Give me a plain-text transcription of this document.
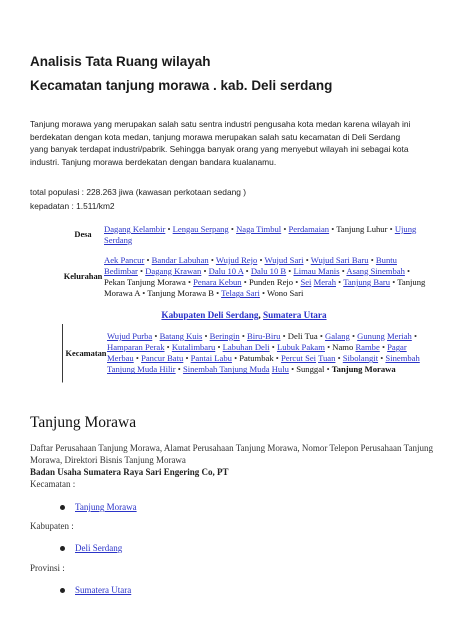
Analisis Tata Ruang wilayah
Kecamatan tanjung morawa . kab. Deli serdang
Tanjung morawa yang merupakan salah satu sentra industri pengusaha kota medan karena wilayah ini berdekatan dengan kota medan, tanjung morawa merupakan salah satu kecamatan di Deli Serdang yang banyak terdapat industri/pabrik. Sehingga banyak orang yang menyebut wilayah ini sebagai kota industri. Tanjung morawa berdekatan dengan bandara kualanamu.
total populasi : 228.263 jiwa (kawasan perkotaan sedang )
kepadatan : 1.511/km2
Desa
Dagang Kelambir • Lengau Serpang • Naga Timbul • Perdamaian • Tanjung Luhur • Ujung Serdang
Kelurahan
Aek Pancur • Bandar Labuhan • Wujud Rejo • Wujud Sari • Wujud Sari Baru • Buntu Bedimbar • Dagang Krawan • Dalu 10 A • Dalu 10 B • Limau Manis • Asang Sinembah • Pekan Tanjung Morawa • Penara Kebun • Punden Rejo • Sei Merah • Tanjung Baru • Tanjung Morawa A • Tanjung Morawa B • Telaga Sari • Wono Sari
Kabupaten Deli Serdang, Sumatera Utara
Kecamatan
Wujud Purba • Batang Kuis • Beringin • Biru-Biru • Deli Tua • Galang • Gunung Meriah • Hamparan Perak • Kutalimbaru • Labuhan Deli • Lubuk Pakam • Namo Rambe • Pagar Merbau • Pancur Batu • Pantai Labu • Patumbak • Percut Sei Tuan • Sibolangit • Sinembah Tanjung Muda Hilir • Sinembah Tanjung Muda Hulu • Sunggal • Tanjung Morawa
Tanjung Morawa
Daftar Perusahaan Tanjung Morawa, Alamat Perusahaan Tanjung Morawa, Nomor Telepon Perusahaan Tanjung Morawa, Direktori Bisnis Tanjung Morawa
Badan Usaha Sumatera Raya Sari Engering Co, PT
Kecamatan :
Tanjung Morawa
Kabupaten :
Deli Serdang
Provinsi :
Sumatera Utara
